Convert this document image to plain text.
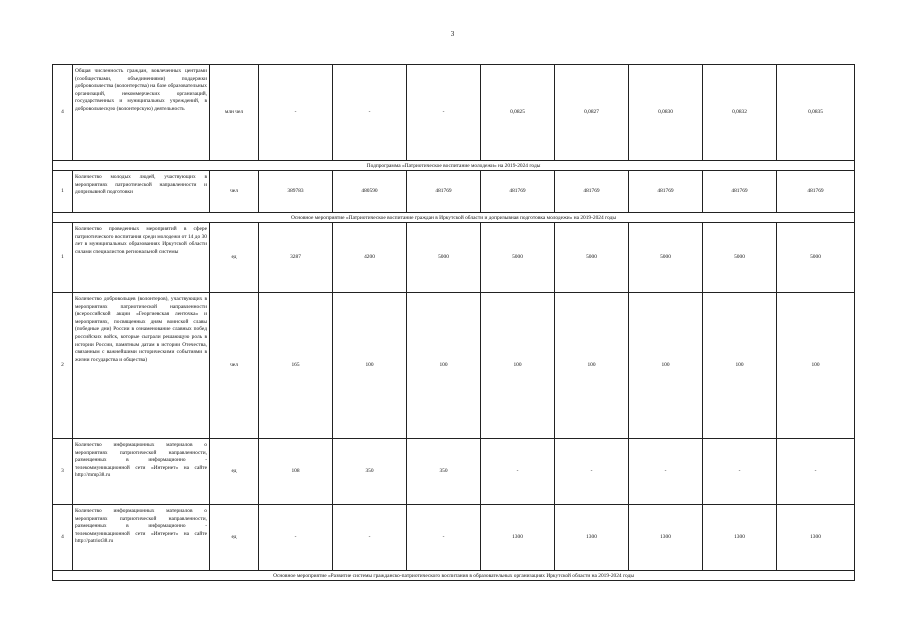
3
4	Общая численность граждан, вовлеченных центрами (сообществами, объединениями) поддержки добровольчества (волонтерства) на базе образовательных организаций, некоммерческих организаций, государственных и муниципальных учреждений, в добровольческую (волонтерскую) деятельность	млн чел	-	-	-	0,0825	0,0827	0,0830	0,0832	0,0835
Подпрограмма «Патриотическое воспитание молодежи» на 2019-2024 годы										
1	Количество молодых людей, участвующих в мероприятиях патриотической направленности и допризывной подготовки	чел	389783	480590	481769	481769	481769	481769	481769	481769
Основное мероприятие «Патриотическое воспитание граждан в Иркутской области и допризывная подготовка молодежи» на 2019-2024 годы										
1	Количество проведенных мероприятий в сфере патриотического воспитания среди молодежи от 14 до 30 лет в муниципальных образованиях Иркутской области силами специалистов региональной системы	ед	3287	4200	5000	5000	5000	5000	5000	5000
2	Количество добровольцев (волонтеров), участвующих в мероприятиях патриотической направленности (всероссийской акции «Георгиевская ленточка» и мероприятиях, посвященных дням воинской славы (победные дни) России в ознаменование славных побед российских войск, которые сыграли решающую роль в истории России, памятным датам в истории Отечества, связанным с важнейшими историческими событиями в жизни государства и общества)	чел	165	100	100	100	100	100	100	100
3	Количество информационных материалов о мероприятиях патриотической направленности, размещенных в информационно - телекоммуникационной сети «Интернет» на сайте http://mmp38.ru	ед	108	350	350	-	-	-	-	-
4	Количество информационных материалов о мероприятиях патриотической направленности, размещенных в информационно - телекоммуникационной сети «Интернет» на сайте http://patriot38.ru	ед	-	-	-	1300	1300	1300	1300	1300
Основное мероприятие «Развитие системы гражданско-патриотического воспитания в образовательных организациях Иркутской области на 2019-2024 годы										
